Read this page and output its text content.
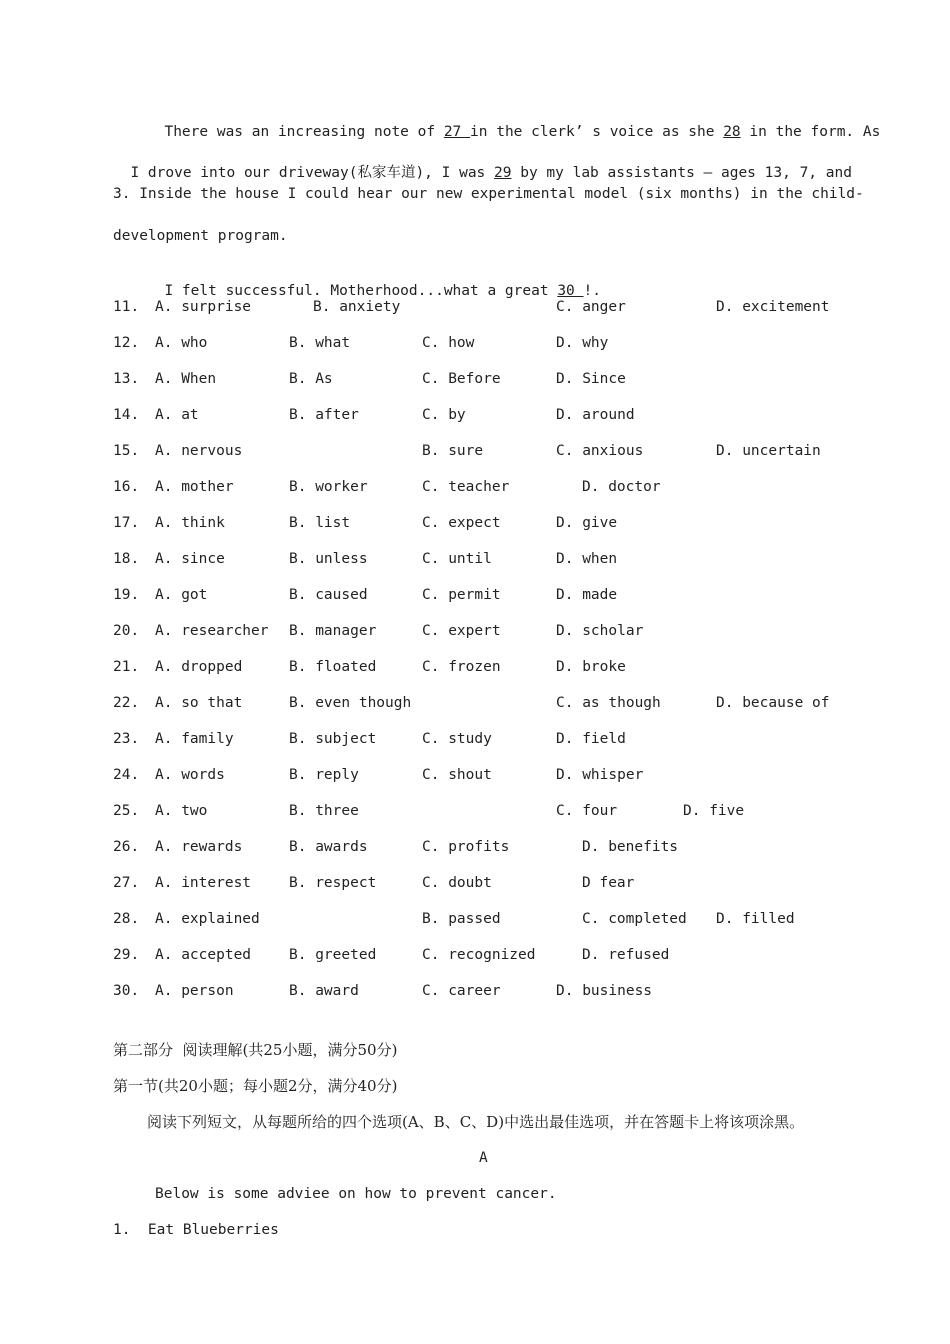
There was an increasing note of 27 in the clerk’ s voice as she 28 in the form. As

I drove into our driveway(私家车道), I was 29 by my lab assistants — ages 13, 7, and

3. Inside the house I could hear our new experimental model (six months) in the child-
development program.

I felt successful. Motherhood...what a great 30 !.

11. A. surprise	B. anxiety	C. anger	D. excitement
12. A. who	B. what	C. how	D. why
13. A. When	B. As	C. Before	D. Since
14. A. at	B. after	C. by	D. around
15. A. nervous	B. sure	C. anxious	D. uncertain
16. A. mother	B. worker	C. teacher	D. doctor
17. A. think	B. list	C. expect	D. give
18. A. since	B. unless	C. until	D. when
19. A. got	B. caused	C. permit	D. made
20. A. researcher B. manager	C. expert	D. scholar
21. A. dropped	B. floated	C. frozen	D. broke
22. A. so that	B. even though	C. as though	D. because of
23. A. family	B. subject	C. study	D. field
24. A. words	B. reply	C. shout	D. whisper
25. A. two	B. three	C. four	D. five
26. A. rewards	B. awards	C. profits	D. benefits
27. A. interest	B. respect	C. doubt	D fear
28. A. explained	B. passed	C. completed D. filled
29. A. accepted	B. greeted	C. recognized	D. refused
30. A. person	B. award	C. career	D. business
第二部分  阅读理解(共25小题，满分50分)
第一节(共20小题；每小题2分，满分40分)
阅读下列短文，从每题所给的四个选项(A、B、C、D)中选出最佳选项，并在答题卡上将该项涂黑。
A
Below is some adviee on how to prevent cancer.
1.  Eat Blueberries
